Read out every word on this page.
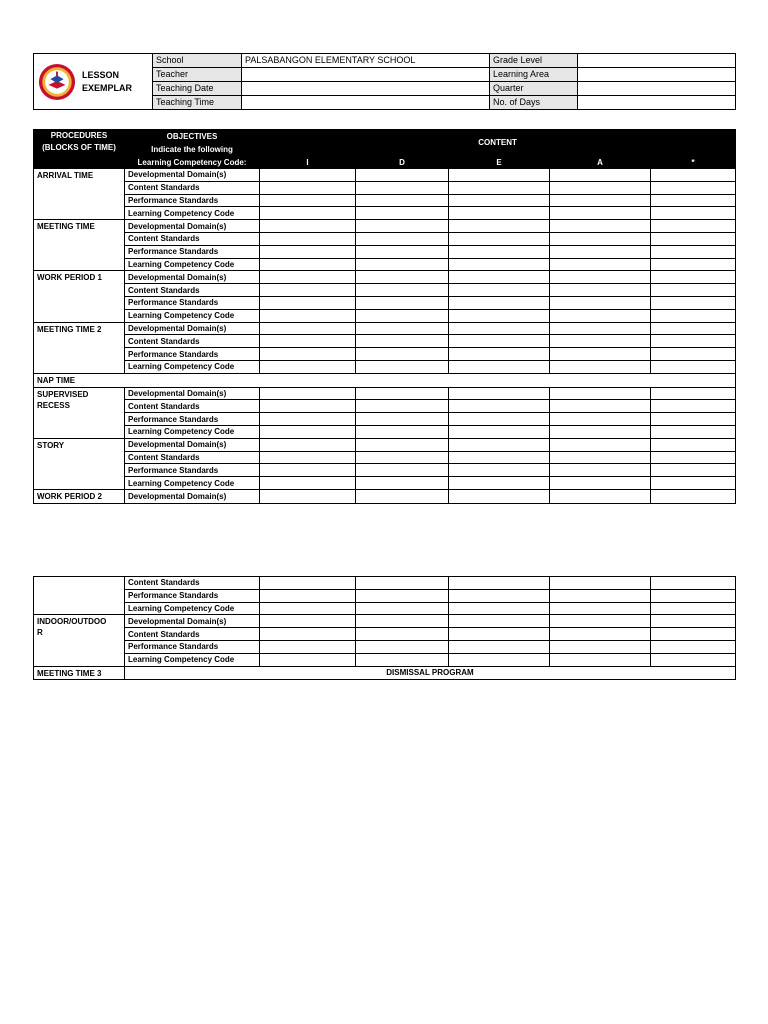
LESSON
EXEMPLAR	School	PALSABANGON ELEMENTARY SCHOOL	Grade Level	
	Teacher		Learning Area	
	Teaching Date		Quarter	
	Teaching Time		No. of Days	
PROCEDURES
(BLOCKS OF TIME)	OBJECTIVES	CONTENT				
	Indicate the following					
	Learning Competency Code:	I	D	E	A	*
ARRIVAL TIME	Developmental Domain(s)					
	Content Standards					
	Performance Standards					
	Learning Competency Code					
MEETING TIME	Developmental Domain(s)					
	Content Standards					
	Performance Standards					
	Learning Competency Code					
WORK PERIOD 1	Developmental Domain(s)					
	Content Standards					
	Performance Standards					
	Learning Competency Code					
MEETING TIME 2	Developmental Domain(s)					
	Content Standards					
	Performance Standards					
	Learning Competency Code					
NAP TIME						

SUPERVISED
RECESS	Developmental Domain(s)					
	Content Standards					
	Performance Standards					
	Learning Competency Code					
STORY	Developmental Domain(s)					
	Content Standards					
	Performance Standards					
	Learning Competency Code					
WORK PERIOD 2	Developmental Domain(s)					
	Content Standards					
	Performance Standards					
	Learning Competency Code					

INDOOR/OUTDOO
R	Developmental Domain(s)					
	Content Standards					
	Performance Standards					
	Learning Competency Code					
MEETING TIME 3	DISMISSAL PROGRAM					
